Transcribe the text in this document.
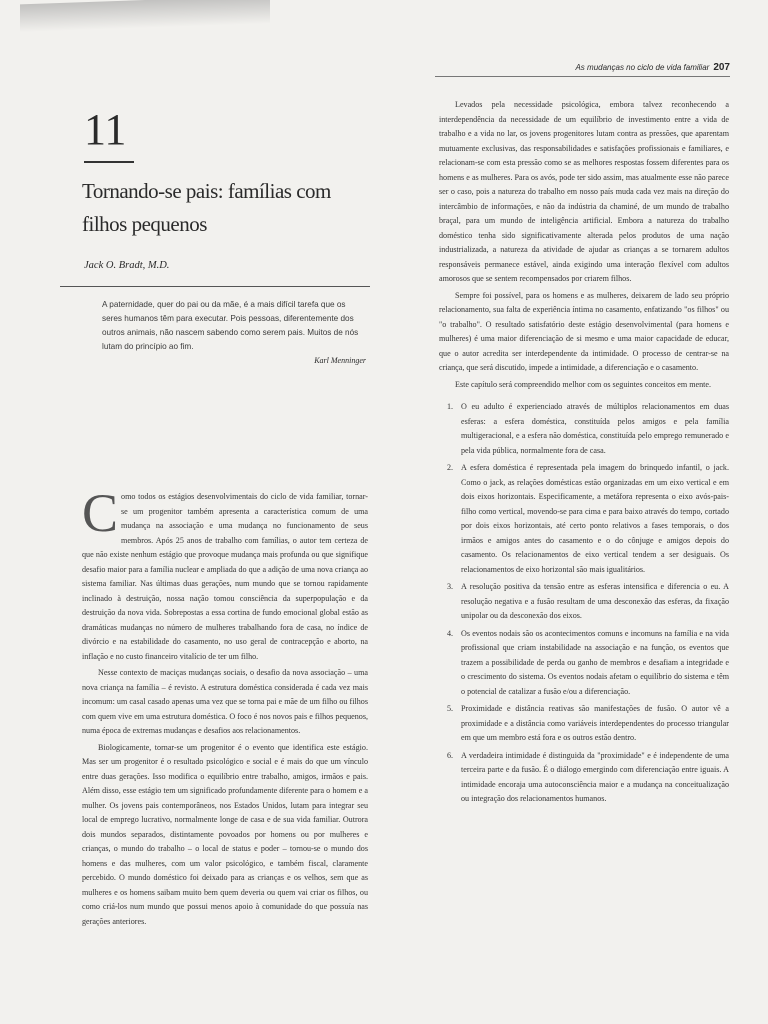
11
Tornando-se pais: famílias com filhos pequenos
Jack O. Bradt, M.D.
A paternidade, quer do pai ou da mãe, é a mais difícil tarefa que os seres humanos têm para executar. Pois pessoas, diferentemente dos outros animais, não nascem sabendo como serem pais. Muitos de nós lutam do princípio ao fim.
Karl Menninger

Como todos os estágios desenvolvimentais do ciclo de vida familiar, tornar-se um progenitor também apresenta a característica comum de uma mudança na associação e uma mudança no funcionamento de seus membros. Após 25 anos de trabalho com famílias, o autor tem certeza de que não existe nenhum estágio que provoque mudança mais profunda ou que signifique desafio maior para a família nuclear e ampliada do que a adição de uma nova criança ao sistema familiar. Nas últimas duas gerações, num mundo que se tornou rapidamente inclinado à destruição, nossa nação tomou consciência da superpopulação e da destruição da nova vida. Sobrepostas a essa cortina de fundo emocional global estão as dramáticas mudanças no número de mulheres trabalhando fora de casa, no índice de divórcio e na estabilidade do casamento, no uso geral de contracepção e aborto, na inflação e no custo financeiro vitalício de ter um filho.

Nesse contexto de maciças mudanças sociais, o desafio da nova associação – uma nova criança na família – é revisto. A estrutura doméstica considerada é cada vez mais incomum: um casal casado apenas uma vez que se torna pai e mãe de um filho ou filhos com quem vive em uma estrutura doméstica. O foco é nos novos pais e filhos pequenos, numa época de extremas mudanças e desafios aos relacionamentos.

Biologicamente, tornar-se um progenitor é o evento que identifica este estágio. Mas ser um progenitor é o resultado psicológico e social e é mais do que um vínculo entre duas gerações. Isso modifica o equilíbrio entre trabalho, amigos, irmãos e pais. Além disso, esse estágio tem um significado profundamente diferente para o homem e a mulher. Os jovens pais contemporâneos, nos Estados Unidos, lutam para integrar seu local de emprego lucrativo, normalmente longe de casa e de sua vida familiar. Outrora dois mundos separados, distintamente povoados por homens ou por mulheres e crianças, o mundo do trabalho – o local de status e poder – tornou-se o mundo dos homens e das mulheres, com um valor psicológico, e também fiscal, claramente percebido. O mundo doméstico foi deixado para as crianças e os velhos, sem que as mulheres e os homens saibam muito bem quem deveria ou quem vai criar os filhos, ou como criá-los num mundo que possui menos apoio à comunidade do que possuía nas gerações anteriores.

As mudanças no ciclo de vida familiar 207

Levados pela necessidade psicológica, embora talvez reconhecendo a interdependência da necessidade de um equilíbrio de investimento entre a vida de trabalho e a vida no lar, os jovens progenitores lutam contra as pressões, que aparentam mutuamente exclusivas, das responsabilidades e satisfações profissionais e familiares, e relacionam-se com esta pressão como se as melhores respostas fossem diferentes para os homens e as mulheres. Para os avós, pode ter sido assim, mas atualmente esse não parece ser o caso, pois a natureza do trabalho em nosso país muda cada vez mais na direção do intercâmbio de informações, e não da indústria da chaminé, de um mundo de trabalho braçal, para um mundo de inteligência artificial. Embora a natureza do trabalho doméstico tenha sido significativamente alterada pelos produtos de uma nação industrializada, a natureza da atividade de ajudar as crianças a se tornarem adultos responsáveis permanece estável, ainda exigindo uma interação flexível com adultos amorosos que se sentem recompensados por criarem filhos.

Sempre foi possível, para os homens e as mulheres, deixarem de lado seu próprio relacionamento, sua falta de experiência íntima no casamento, enfatizando "os filhos" ou "o trabalho". O resultado satisfatório deste estágio desenvolvimental (para homens e mulheres) é uma maior diferenciação de si mesmo e uma maior capacidade de educar, que o autor acredita ser interdependente da intimidade. O processo de centrar-se na criança, que será discutido, impede a intimidade, a diferenciação e o casamento.

Este capítulo será compreendido melhor com os seguintes conceitos em mente.

1. O eu adulto é experienciado através de múltiplos relacionamentos em duas esferas: a esfera doméstica, constituída pelos amigos e pela família multigeracional, e a esfera não doméstica, constituída pelo emprego remunerado e pela vida pública, normalmente fora de casa.
2. A esfera doméstica é representada pela imagem do brinquedo infantil, o jack. Como o jack, as relações domésticas estão organizadas em um eixo vertical e em dois eixos horizontais. Especificamente, a metáfora representa o eixo avós-pais-filho como vertical, movendo-se para cima e para baixo através do tempo, cortado por dois eixos horizontais, até certo ponto relativos a fases temporais, o dos irmãos e amigos antes do casamento e o do cônjuge e amigos depois do casamento. Os relacionamentos de eixo vertical tendem a ser desiguais. Os relacionamentos de eixo horizontal são mais igualitários.
3. A resolução positiva da tensão entre as esferas intensifica e diferencia o eu. A resolução negativa e a fusão resultam de uma desconexão das esferas, da fixação unipolar ou da desconexão dos eixos.
4. Os eventos nodais são os acontecimentos comuns e incomuns na família e na vida profissional que criam instabilidade na associação e na função, os eventos que trazem a possibilidade de perda ou ganho de membros e desafiam a integridade e o crescimento do sistema. Os eventos nodais afetam o equilíbrio do sistema e têm o potencial de catalizar a fusão e/ou a diferenciação.
5. Proximidade e distância reativas são manifestações de fusão. O autor vê a proximidade e a distância como variáveis interdependentes do processo triangular em que um membro está fora e os outros estão dentro.
6. A verdadeira intimidade é distinguida da "proximidade" e é independente de uma terceira parte e da fusão. É o diálogo emergindo com diferenciação entre iguais. A intimidade encoraja uma autoconsciência maior e a mudança na conceitualização ou integração dos relacionamentos humanos.
